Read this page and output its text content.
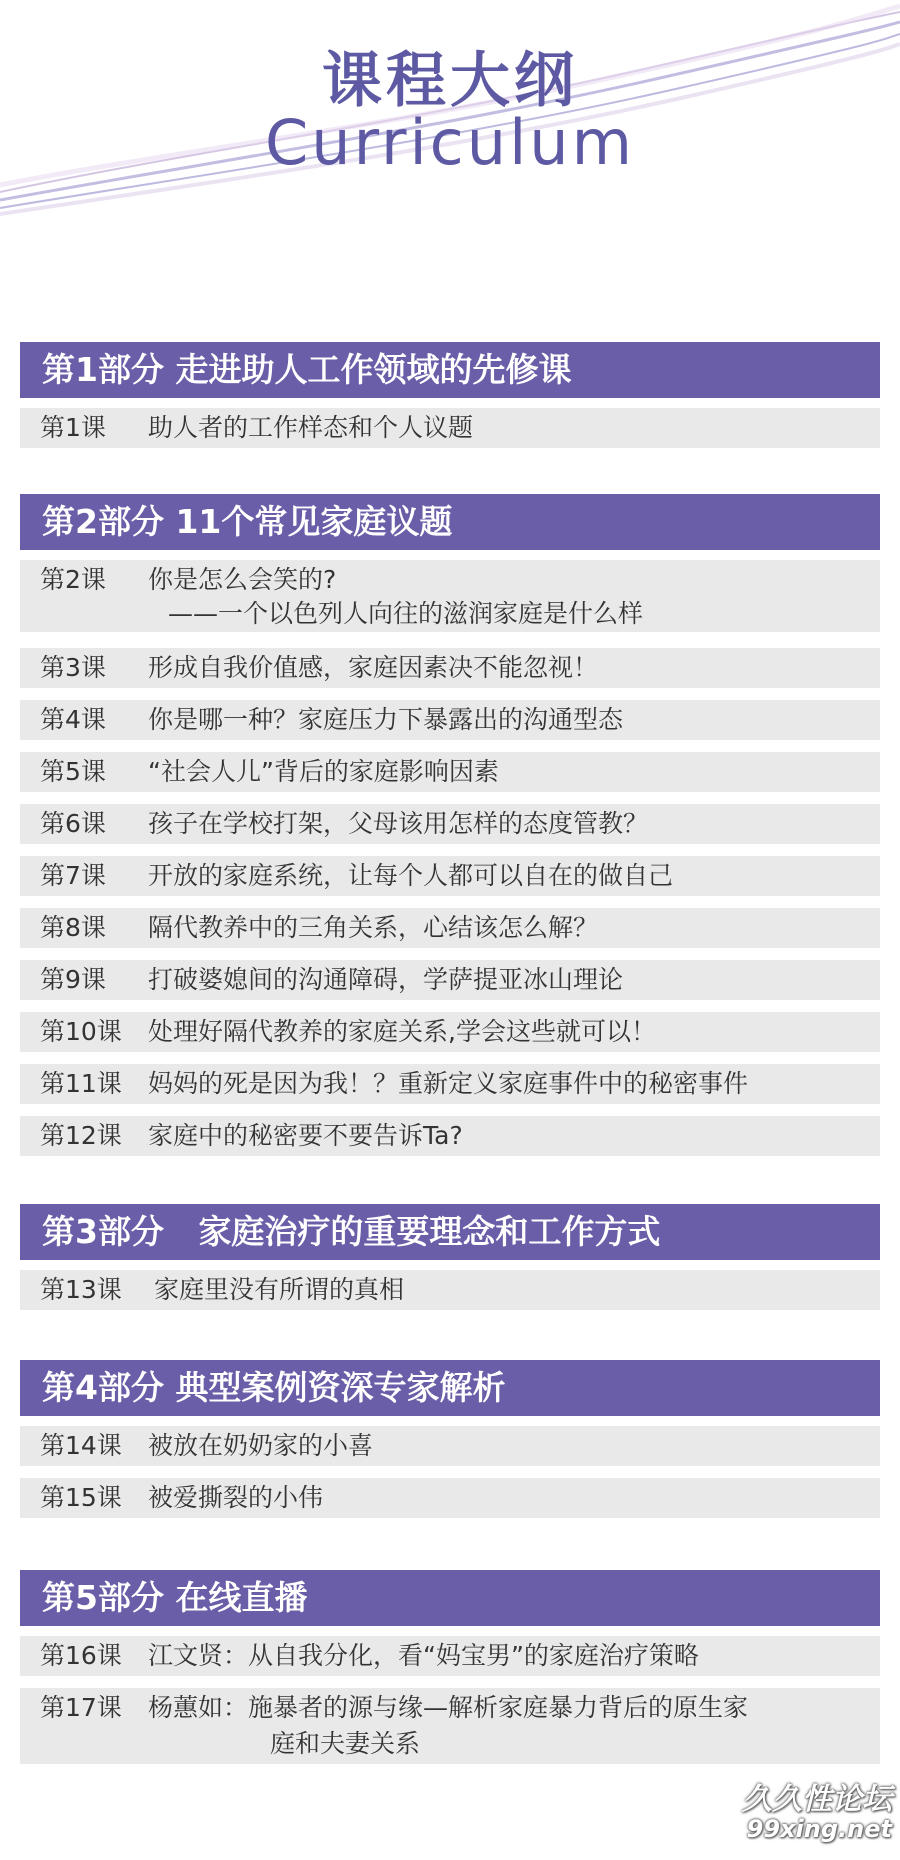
课程大纲
Curriculum
第1部分 走进助人工作领域的先修课
第1课 助人者的工作样态和个人议题
第2部分 11个常见家庭议题
第2课 你是怎么会笑的?
——一个以色列人向往的滋润家庭是什么样
第3课 形成自我价值感，家庭因素决不能忽视！
第4课 你是哪一种？家庭压力下暴露出的沟通型态
第5课 “社会人儿”背后的家庭影响因素
第6课 孩子在学校打架，父母该用怎样的态度管教？
第7课 开放的家庭系统，让每个人都可以自在的做自己
第8课 隔代教养中的三角关系，心结该怎么解？
第9课 打破婆媳间的沟通障碍，学萨提亚冰山理论
第10课 处理好隔代教养的家庭关系,学会这些就可以！
第11课 妈妈的死是因为我！？重新定义家庭事件中的秘密事件
第12课 家庭中的秘密要不要告诉Ta?
第3部分   家庭治疗的重要理念和工作方式
第13课 家庭里没有所谓的真相
第4部分 典型案例资深专家解析
第14课 被放在奶奶家的小喜
第15课 被爱撕裂的小伟
第5部分 在线直播
第16课 江文贤：从自我分化，看“妈宝男”的家庭治疗策略
第17课 杨蕙如：施暴者的源与缘—解析家庭暴力背后的原生家
庭和夫妻关系
久久性论坛
99xing.net
